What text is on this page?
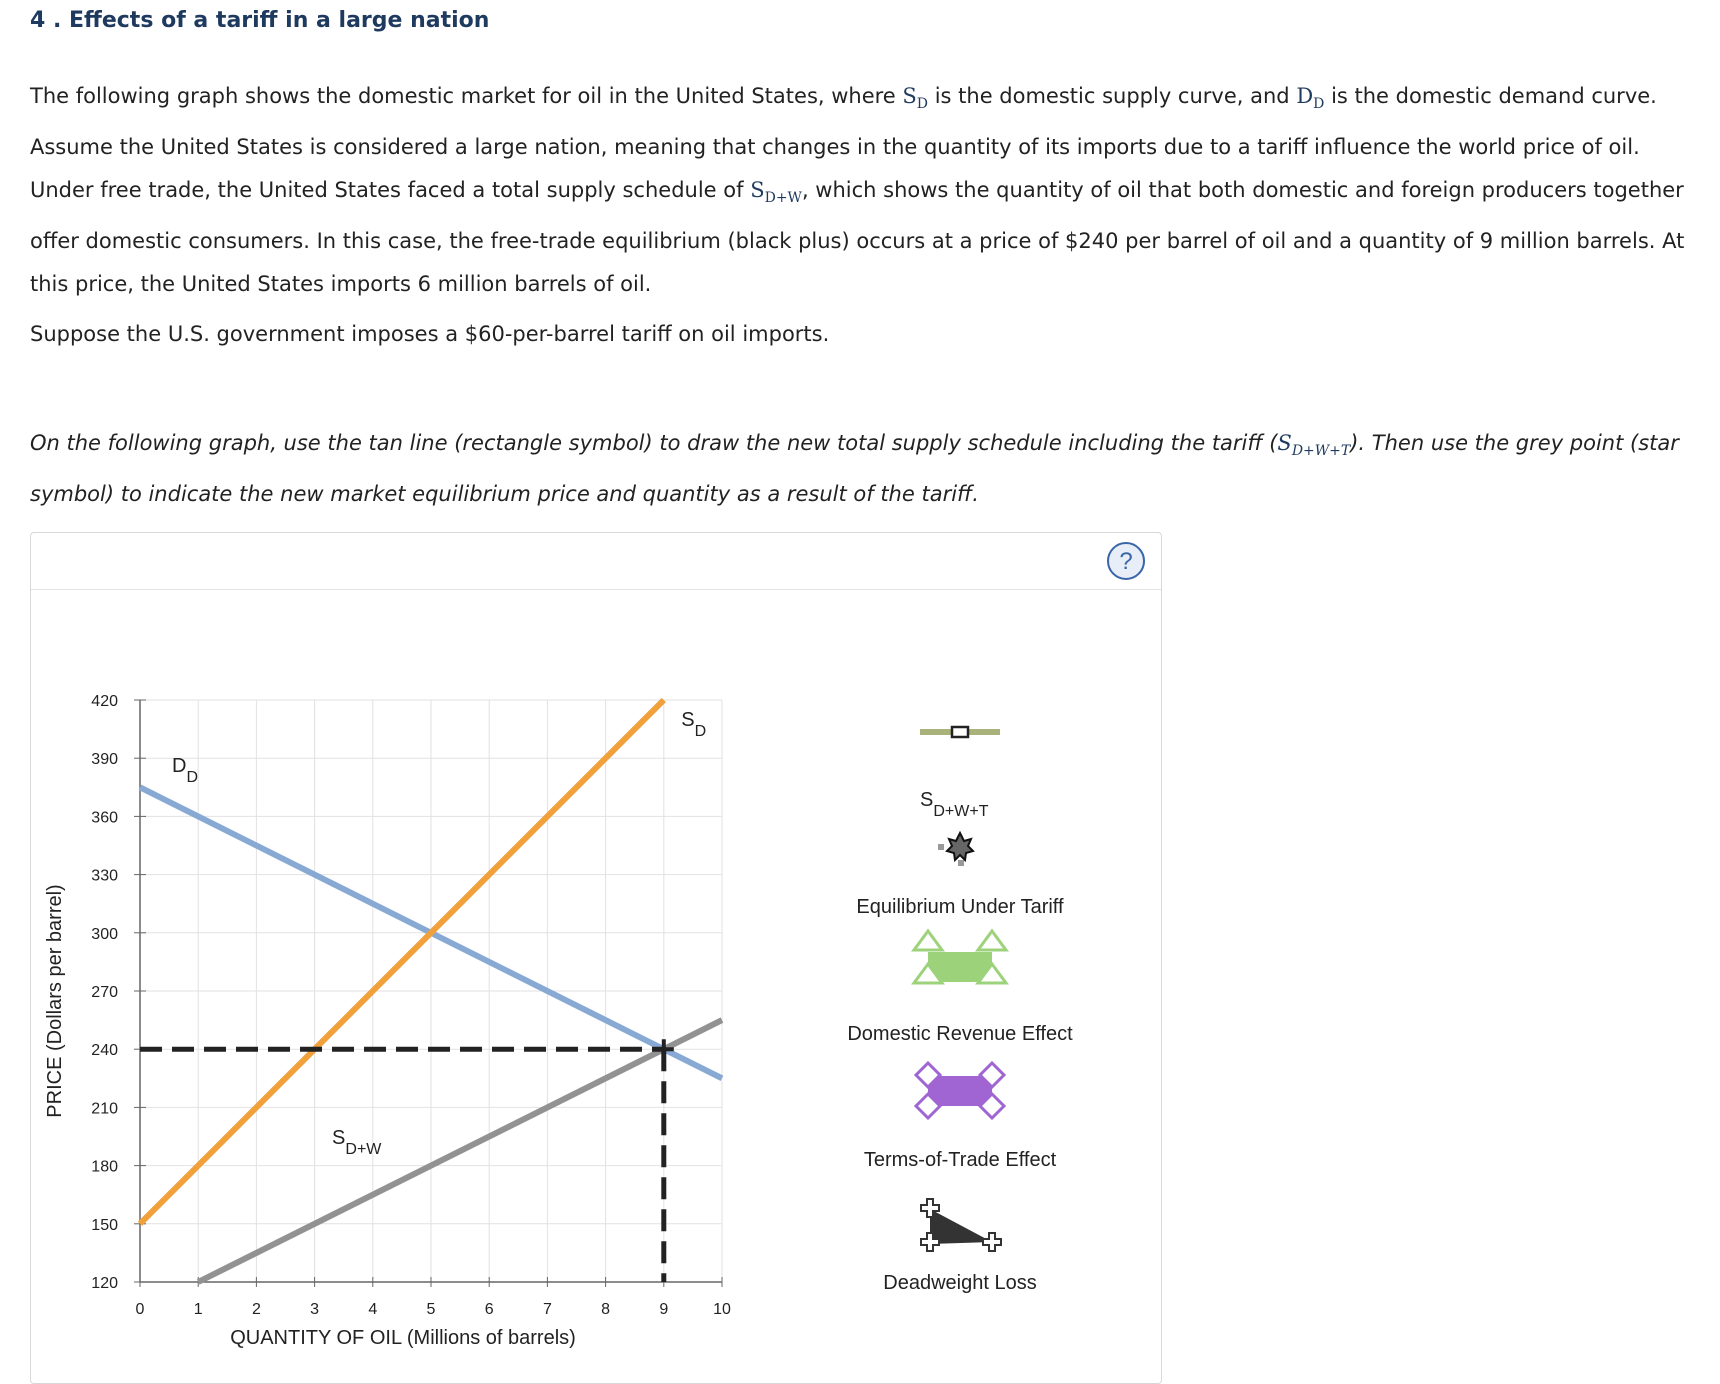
4 . Effects of a tariff in a large nation
The following graph shows the domestic market for oil in the United States, where $S_D$ is the domestic supply curve, and $D_D$ is the domestic demand curve. Assume the United States is considered a large nation, meaning that changes in the quantity of its imports due to a tariff influence the world price of oil. Under free trade, the United States faced a total supply schedule of $S_{D+W}$, which shows the quantity of oil that both domestic and foreign producers together offer domestic consumers. In this case, the free-trade equilibrium (black plus) occurs at a price of $240 per barrel of oil and a quantity of 9 million barrels. At this price, the United States imports 6 million barrels of oil.
Suppose the U.S. government imposes a $60-per-barrel tariff on oil imports.
On the following graph, use the tan line (rectangle symbol) to draw the new total supply schedule including the tariff $(S_{D+W+T})$. Then use the grey point (star symbol) to indicate the new market equilibrium price and quantity as a result of the tariff.
?
0	1	2	3	4	5	6	7	8	9	10
120
150
180
210
240
270
300
330
360
390
420
QUANTITY OF OIL (Millions of barrels)
PRICE (Dollars per barrel)
$D_D$
$S_D$
$S_{D+W}$
$S_{D+W+T}$
Equilibrium Under Tariff
Domestic Revenue Effect
Terms-of-Trade Effect
Deadweight Loss
